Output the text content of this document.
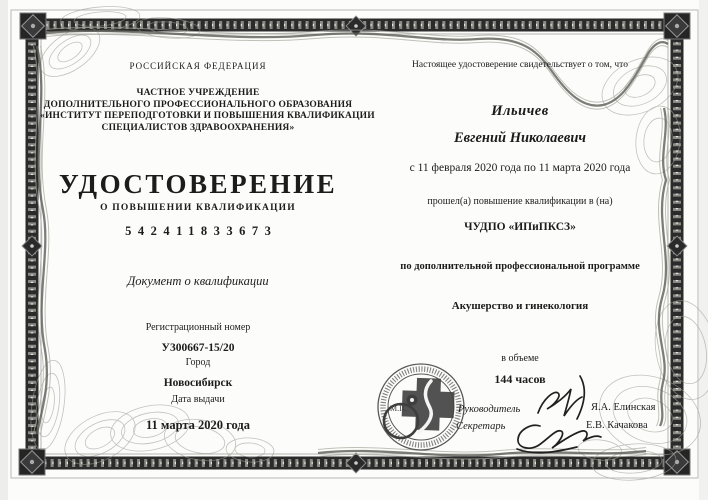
М.П.
РОССИЙСКАЯ ФЕДЕРАЦИЯ
ЧАСТНОЕ УЧРЕЖДЕНИЕ
ДОПОЛНИТЕЛЬНОГО ПРОФЕССИОНАЛЬНОГО ОБРАЗОВАНИЯ
«ИНСТИТУТ ПЕРЕПОДГОТОВКИ И ПОВЫШЕНИЯ КВАЛИФИКАЦИИ
СПЕЦИАЛИСТОВ ЗДРАВООХРАНЕНИЯ»
УДОСТОВЕРЕНИЕ
О ПОВЫШЕНИИ КВАЛИФИКАЦИИ
542411833673
Документ о квалификации
Регистрационный номер
У300667-15/20
Город
Новосибирск
Дата выдачи
11 марта 2020 года
Настоящее удостоверение свидетельствует о том, что
Ильичев
Евгений Николаевич
с 11 февраля 2020 года по 11 марта 2020 года
прошел(а) повышение квалификации в (на)
ЧУДПО «ИПиПКСЗ»
по дополнительной профессиональной программе
Акушерство и гинекология
в объеме
144 часов
Руководитель
Секретарь
Я.А. Елинская
Е.В. Качакова
